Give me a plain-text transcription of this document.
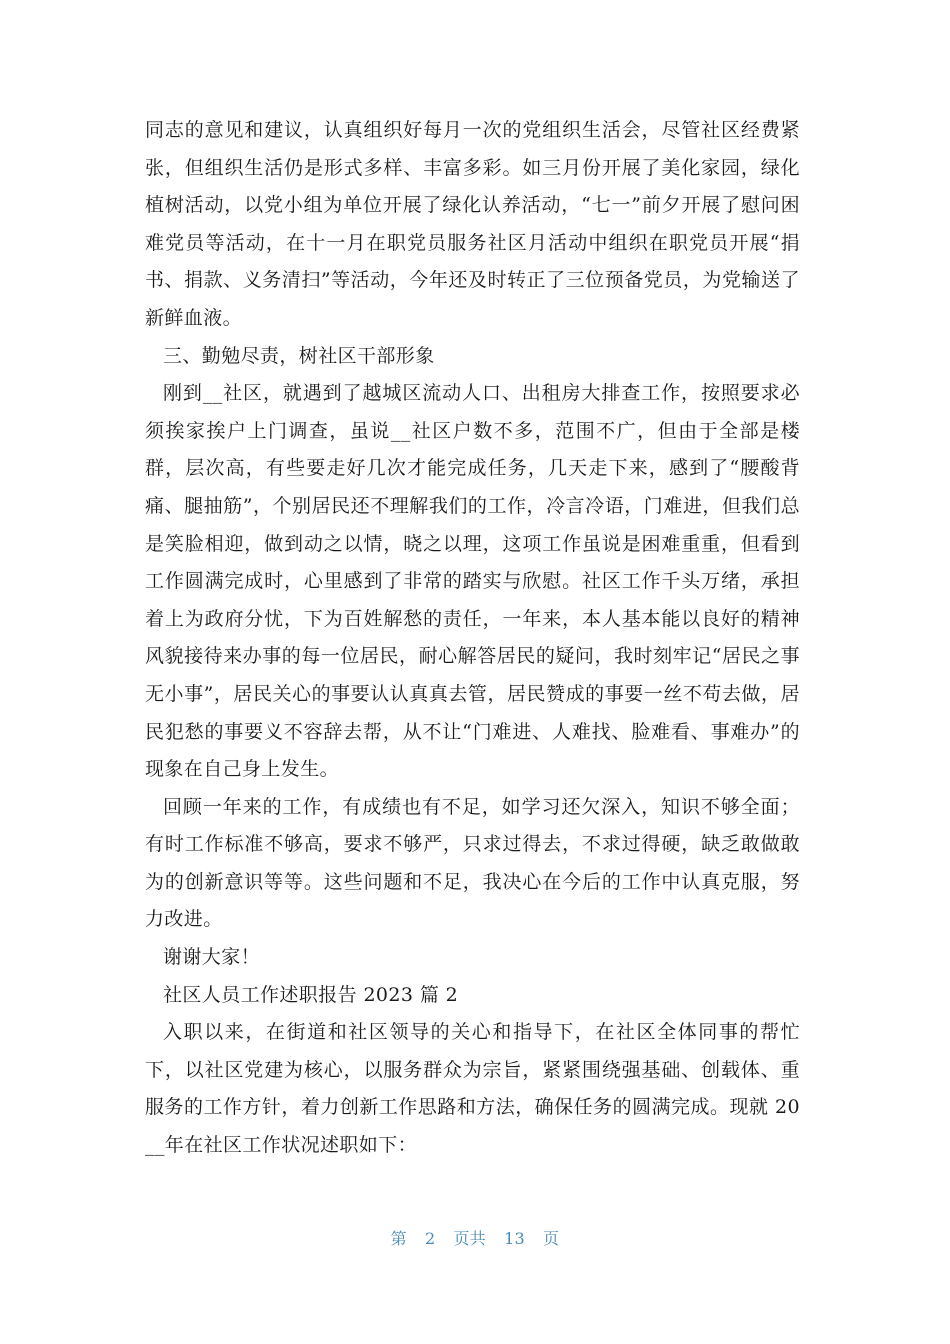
同志的意见和建议，认真组织好每月一次的党组织生活会，尽管社区经费紧张，但组织生活仍是形式多样、丰富多彩。如三月份开展了美化家园，绿化植树活动，以党小组为单位开展了绿化认养活动，“七一”前夕开展了慰问困难党员等活动，在十一月在职党员服务社区月活动中组织在职党员开展“捐书、捐款、义务清扫”等活动，今年还及时转正了三位预备党员，为党输送了新鲜血液。

三、勤勉尽责，树社区干部形象

刚到__社区，就遇到了越城区流动人口、出租房大排查工作，按照要求必须挨家挨户上门调查，虽说__社区户数不多，范围不广，但由于全部是楼群，层次高，有些要走好几次才能完成任务，几天走下来，感到了“腰酸背痛、腿抽筋”，个别居民还不理解我们的工作，冷言冷语，门难进，但我们总是笑脸相迎，做到动之以情，晓之以理，这项工作虽说是困难重重，但看到工作圆满完成时，心里感到了非常的踏实与欣慰。社区工作千头万绪，承担着上为政府分忧，下为百姓解愁的责任，一年来，本人基本能以良好的精神风貌接待来办事的每一位居民，耐心解答居民的疑问，我时刻牢记“居民之事无小事”，居民关心的事要认认真真去管，居民赞成的事要一丝不苟去做，居民犯愁的事要义不容辞去帮，从不让“门难进、人难找、脸难看、事难办”的现象在自己身上发生。

回顾一年来的工作，有成绩也有不足，如学习还欠深入，知识不够全面；有时工作标准不够高，要求不够严，只求过得去，不求过得硬，缺乏敢做敢为的创新意识等等。这些问题和不足，我决心在今后的工作中认真克服，努力改进。

谢谢大家！

社区人员工作述职报告 2023 篇 2

入职以来，在街道和社区领导的关心和指导下，在社区全体同事的帮忙下，以社区党建为核心，以服务群众为宗旨，紧紧围绕强基础、创载体、重服务的工作方针，着力创新工作思路和方法，确保任务的圆满完成。现就 20__年在社区工作状况述职如下：

第 2 页共 13 页
